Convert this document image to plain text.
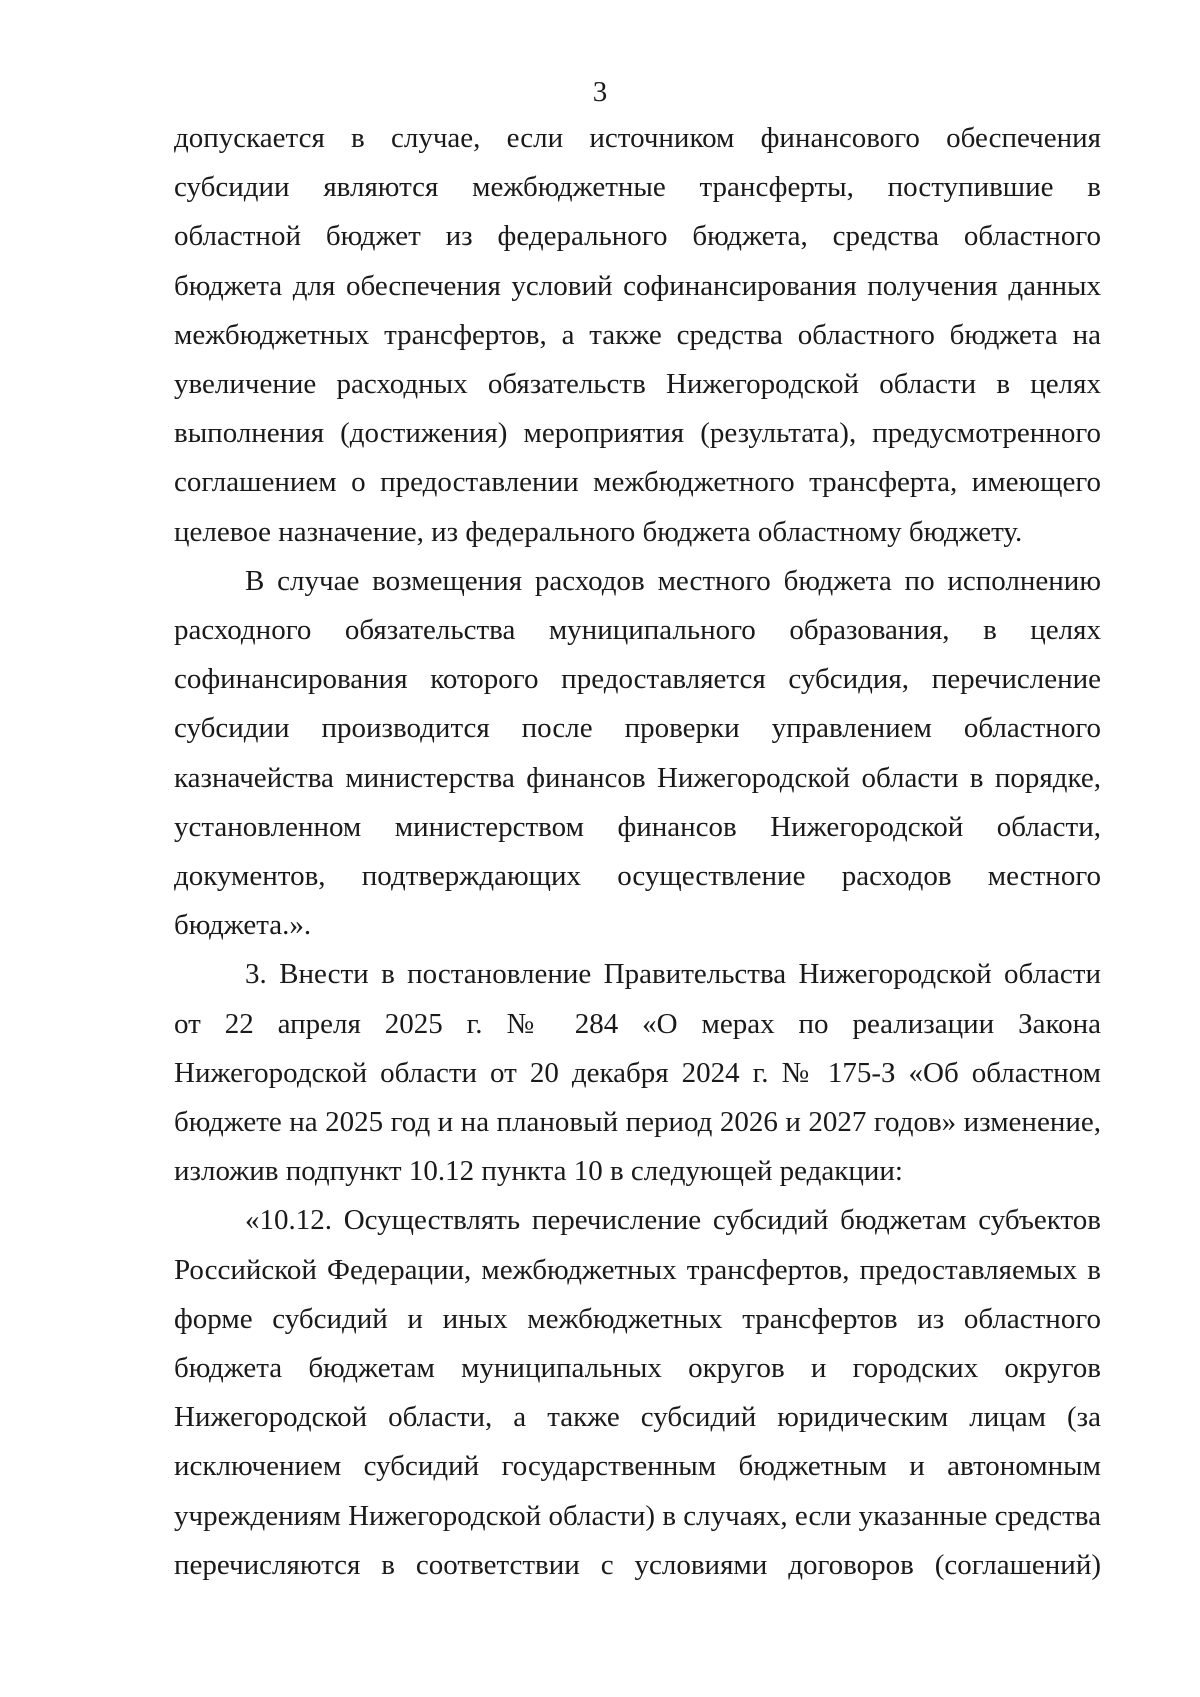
3

допускается в случае, если источником финансового обеспечения субсидии являются межбюджетные трансферты, поступившие в областной бюджет из федерального бюджета, средства областного бюджета для обеспечения условий софинансирования получения данных межбюджетных трансфертов, а также средства областного бюджета на увеличение расходных обязательств Нижегородской области в целях выполнения (достижения) мероприятия (результата), предусмотренного соглашением о предоставлении межбюджетного трансферта, имеющего целевое назначение, из федерального бюджета областному бюджету.

В случае возмещения расходов местного бюджета по исполнению расходного обязательства муниципального образования, в целях софинансирования которого предоставляется субсидия, перечисление субсидии производится после проверки управлением областного казначейства министерства финансов Нижегородской области в порядке, установленном министерством финансов Нижегородской области, документов, подтверждающих осуществление расходов местного бюджета.».

3. Внести в постановление Правительства Нижегородской области от 22 апреля 2025 г. № 284 «О мерах по реализации Закона Нижегородской области от 20 декабря 2024 г. № 175-З «Об областном бюджете на 2025 год и на плановый период 2026 и 2027 годов» изменение, изложив подпункт 10.12 пункта 10 в следующей редакции:

«10.12. Осуществлять перечисление субсидий бюджетам субъектов Российской Федерации, межбюджетных трансфертов, предоставляемых в форме субсидий и иных межбюджетных трансфертов из областного бюджета бюджетам муниципальных округов и городских округов Нижегородской области, а также субсидий юридическим лицам (за исключением субсидий государственным бюджетным и автономным учреждениям Нижегородской области) в случаях, если указанные средства перечисляются в соответствии с условиями договоров (соглашений)
